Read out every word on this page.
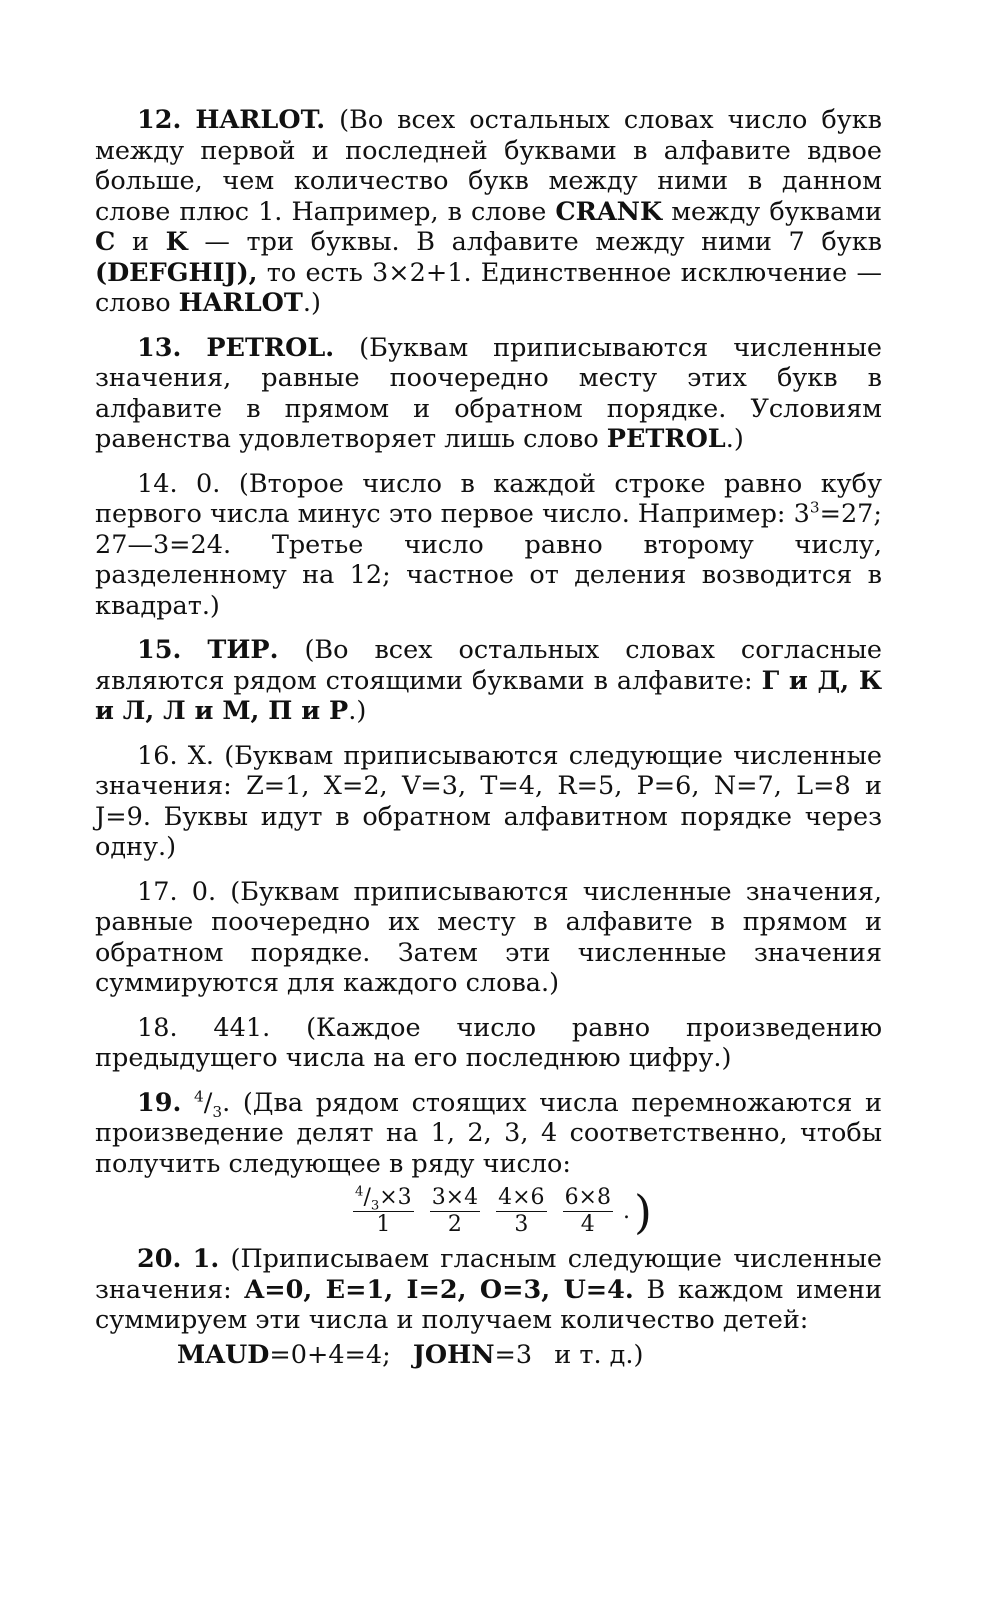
12. HARLOT. (Во всех остальных словах число букв между первой и последней буквами в алфавите вдвое больше, чем количество букв между ними в данном слове плюс 1. Например, в слове CRANK между буквами C и K — три буквы. В алфавите между ними 7 букв (DEFGHIJ), то есть 3×2+1. Единственное исключение — слово HARLOT.)

13. PETROL. (Буквам приписываются численные значения, равные поочередно месту этих букв в алфавите в прямом и обратном порядке. Условиям равенства удовлетворяет лишь слово PETROL.)

14. 0. (Второе число в каждой строке равно кубу первого числа минус это первое число. Например: $3^3=27$; 27—3=24. Третье число равно второму числу, разделенному на 12; частное от деления возводится в квадрат.)

15. ТИР. (Во всех остальных словах согласные являются рядом стоящими буквами в алфавите: Г и Д, К и Л, Л и М, П и Р.)

16. X. (Буквам приписываются следующие численные значения: Z=1, X=2, V=3, T=4, R=5, P=6, N=7, L=8 и J=9. Буквы идут в обратном алфавитном порядке через одну.)

17. 0. (Буквам приписываются численные значения, равные поочередно их месту в алфавите в прямом и обратном порядке. Затем эти численные значения суммируются для каждого слова.)

18. 441. (Каждое число равно произведению предыдущего числа на его последнюю цифру.)

19. $^4/_3$. (Два рядом стоящих числа перемножаются и произведение делят на 1, 2, 3, 4 соответственно, чтобы получить следующее в ряду число:

$\frac{^4/_3\times 3}{1} \frac{3\times 4}{2} \frac{4\times 6}{3} \frac{6\times 8}{4}$ . )

20. 1. (Приписываем гласным следующие численные значения: A=0, E=1, I=2, O=3, U=4. В каждом имени суммируем эти числа и получаем количество детей:

MAUD=0+4=4; JOHN=3 и т. д.)
